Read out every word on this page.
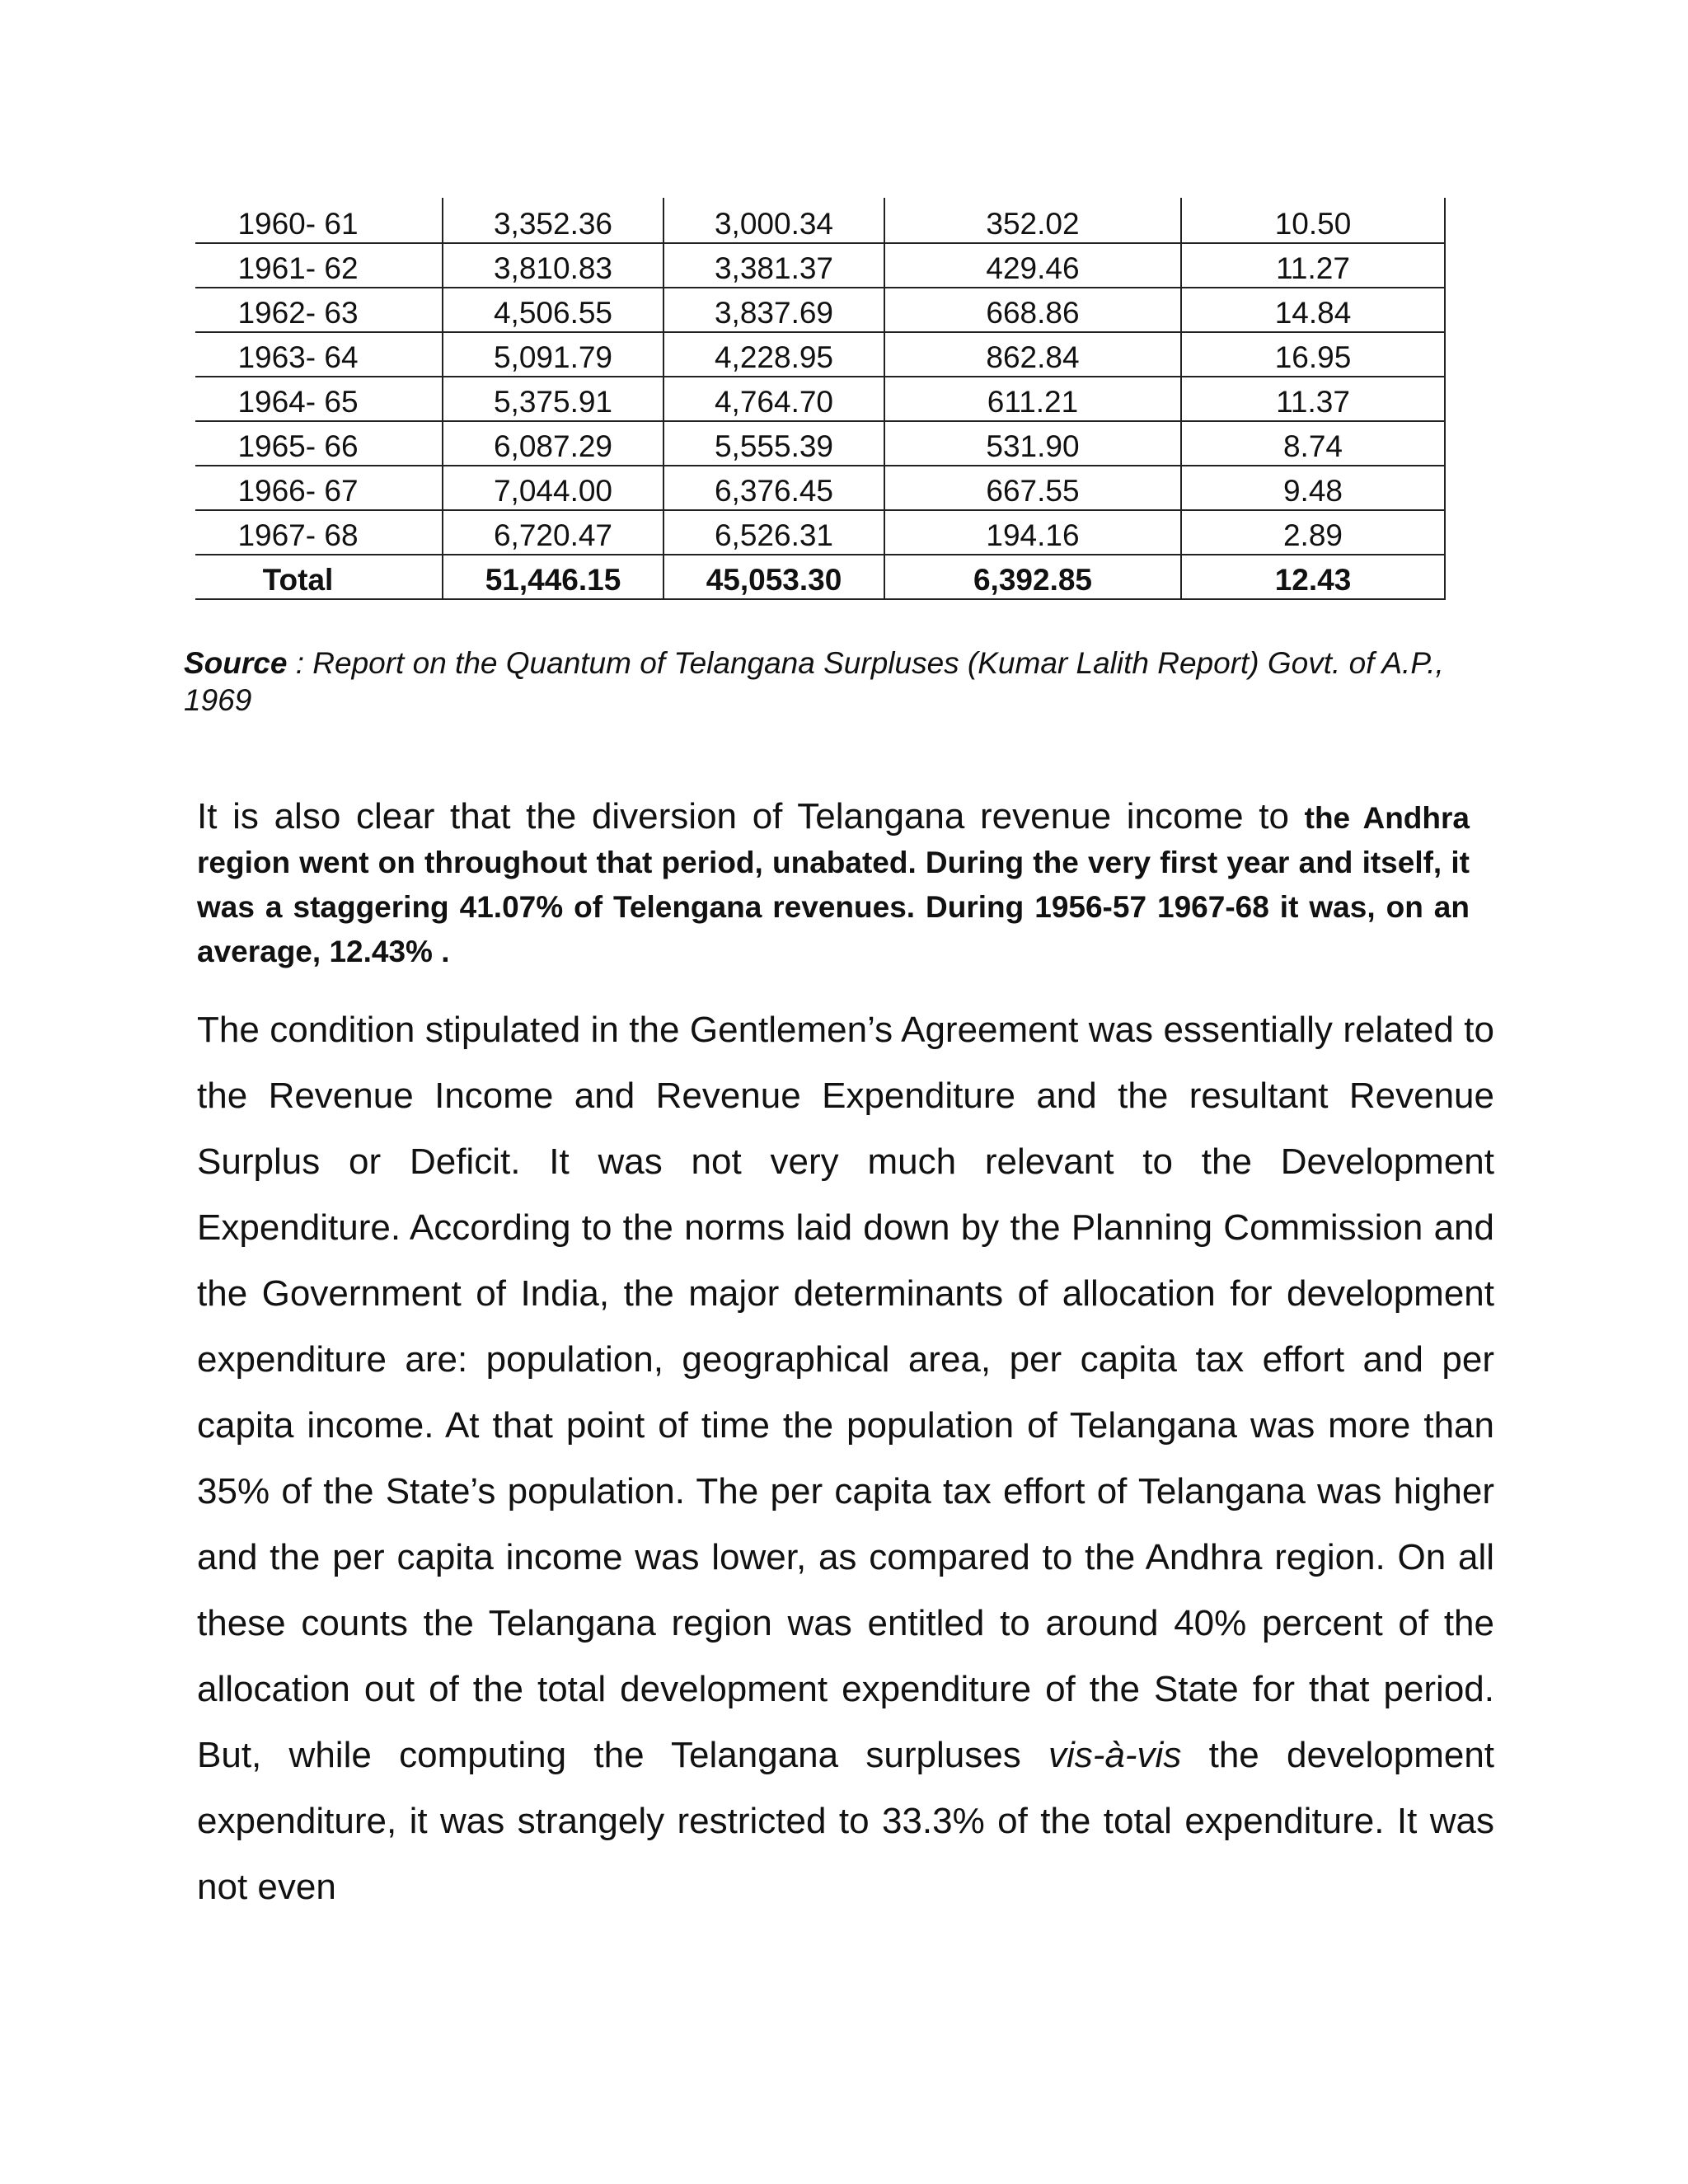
1960- 61	3,352.36	3,000.34	352.02	10.50
1961- 62	3,810.83	3,381.37	429.46	11.27
1962- 63	4,506.55	3,837.69	668.86	14.84
1963- 64	5,091.79	4,228.95	862.84	16.95
1964- 65	5,375.91	4,764.70	611.21	11.37
1965- 66	6,087.29	5,555.39	531.90	8.74
1966- 67	7,044.00	6,376.45	667.55	9.48
1967- 68	6,720.47	6,526.31	194.16	2.89
Total	51,446.15	45,053.30	6,392.85	12.43
Source : Report on the Quantum of Telangana Surpluses (Kumar Lalith Report) Govt. of A.P., 1969
It is also clear that the diversion of Telangana revenue income to the Andhra region went on throughout that period, unabated. During the very first year and itself, it was a staggering 41.07% of Telengana revenues. During 1956-57 1967-68 it was, on an average, 12.43% .
The condition stipulated in the Gentlemen’s Agreement was essentially related to the Revenue Income and Revenue Expenditure and the resultant Revenue Surplus or Deficit. It was not very much relevant to the Development Expenditure. According to the norms laid down by the Planning Commission and the Government of India, the major determinants of allocation for development expenditure are: population, geographical area, per capita tax effort and per capita income. At that point of time the population of Telangana was more than 35% of the State’s population. The per capita tax effort of Telangana was higher and the per capita income was lower, as compared to the Andhra region. On all these counts the Telangana region was entitled to around 40% percent of the allocation out of the total development expenditure of the State for that period. But, while computing the Telangana surpluses vis-à-vis the development expenditure, it was strangely restricted to 33.3% of the total expenditure. It was not even
